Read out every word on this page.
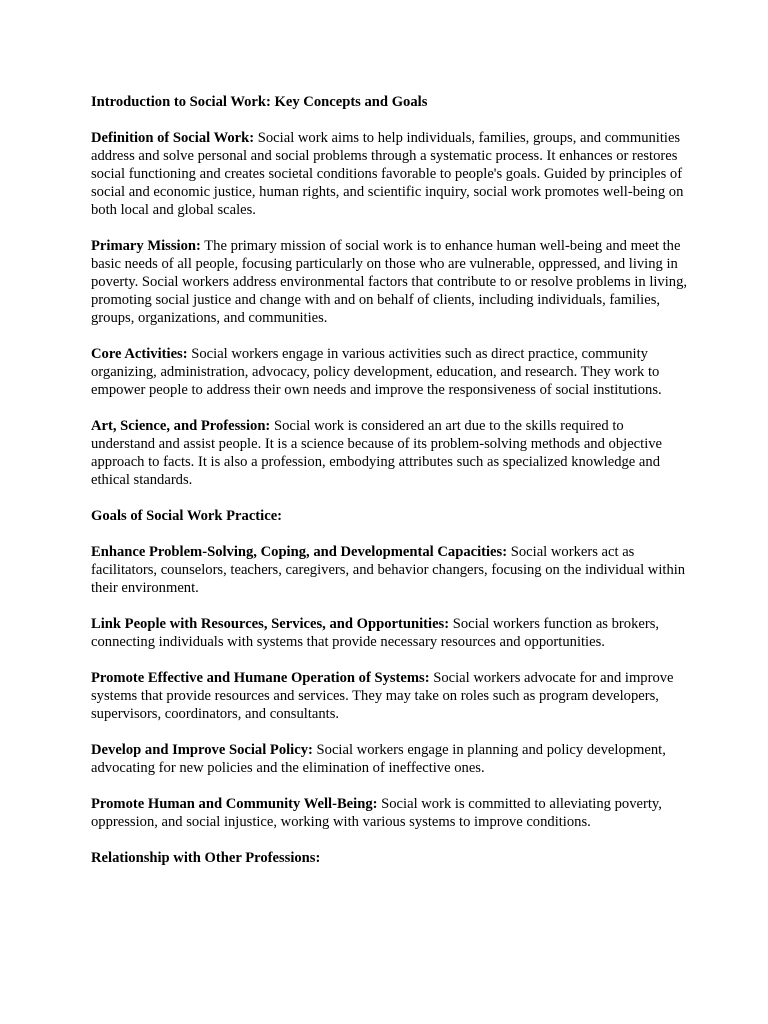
Introduction to Social Work: Key Concepts and Goals
Definition of Social Work: Social work aims to help individuals, families, groups, and communities address and solve personal and social problems through a systematic process. It enhances or restores social functioning and creates societal conditions favorable to people's goals. Guided by principles of social and economic justice, human rights, and scientific inquiry, social work promotes well-being on both local and global scales.
Primary Mission: The primary mission of social work is to enhance human well-being and meet the basic needs of all people, focusing particularly on those who are vulnerable, oppressed, and living in poverty. Social workers address environmental factors that contribute to or resolve problems in living, promoting social justice and change with and on behalf of clients, including individuals, families, groups, organizations, and communities.
Core Activities: Social workers engage in various activities such as direct practice, community organizing, administration, advocacy, policy development, education, and research. They work to empower people to address their own needs and improve the responsiveness of social institutions.
Art, Science, and Profession: Social work is considered an art due to the skills required to understand and assist people. It is a science because of its problem-solving methods and objective approach to facts. It is also a profession, embodying attributes such as specialized knowledge and ethical standards.
Goals of Social Work Practice:
Enhance Problem-Solving, Coping, and Developmental Capacities: Social workers act as facilitators, counselors, teachers, caregivers, and behavior changers, focusing on the individual within their environment.
Link People with Resources, Services, and Opportunities: Social workers function as brokers, connecting individuals with systems that provide necessary resources and opportunities.
Promote Effective and Humane Operation of Systems: Social workers advocate for and improve systems that provide resources and services. They may take on roles such as program developers, supervisors, coordinators, and consultants.
Develop and Improve Social Policy: Social workers engage in planning and policy development, advocating for new policies and the elimination of ineffective ones.
Promote Human and Community Well-Being: Social work is committed to alleviating poverty, oppression, and social injustice, working with various systems to improve conditions.
Relationship with Other Professions:
